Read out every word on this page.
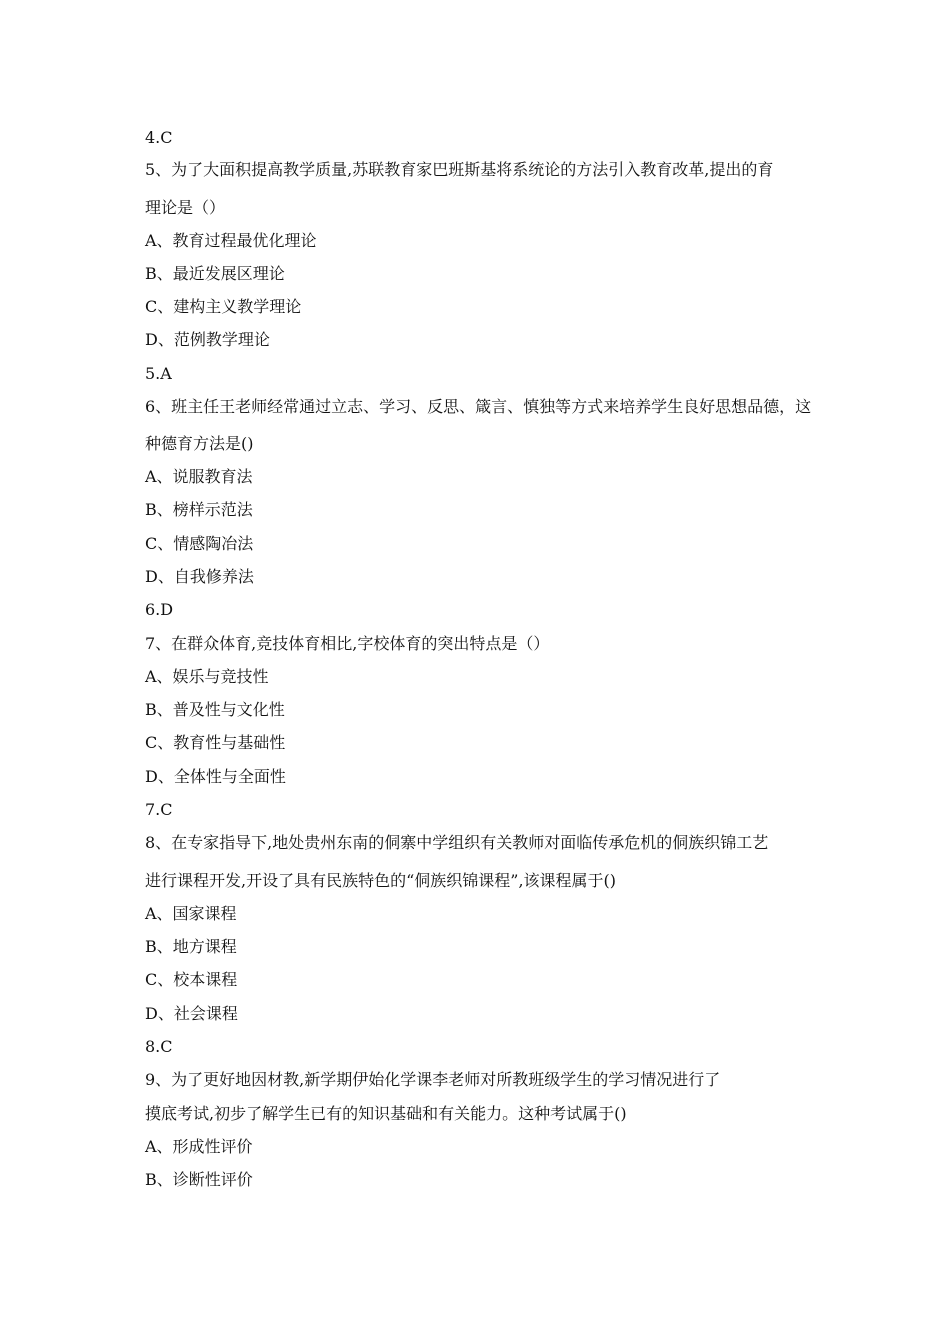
4.C

5、为了大面积提高教学质量,苏联教育家巴班斯基将系统论的方法引入教育改革,提出的育

理论是（）

A、教育过程最优化理论

B、最近发展区理论

C、建构主义教学理论

D、范例教学理论

5.A

6、班主任王老师经常通过立志、学习、反思、箴言、慎独等方式来培养学生良好思想品德，这

种德育方法是()

A、说服教育法

B、榜样示范法

C、情感陶冶法

D、自我修养法

6.D

7、在群众体育,竞技体育相比,字校体育的突出特点是（）

A、娱乐与竞技性

B、普及性与文化性

C、教育性与基础性

D、全体性与全面性

7.C

8、在专家指导下,地处贵州东南的侗寨中学组织有关教师对面临传承危机的侗族织锦工艺

进行课程开发,开设了具有民族特色的“侗族织锦课程”,该课程属于()

A、国家课程

B、地方课程

C、校本课程

D、社会课程

8.C

9、为了更好地因材教,新学期伊始化学课李老师对所教班级学生的学习情况进行了

摸底考试,初步了解学生已有的知识基础和有关能力。这种考试属于()

A、形成性评价

B、诊断性评价
